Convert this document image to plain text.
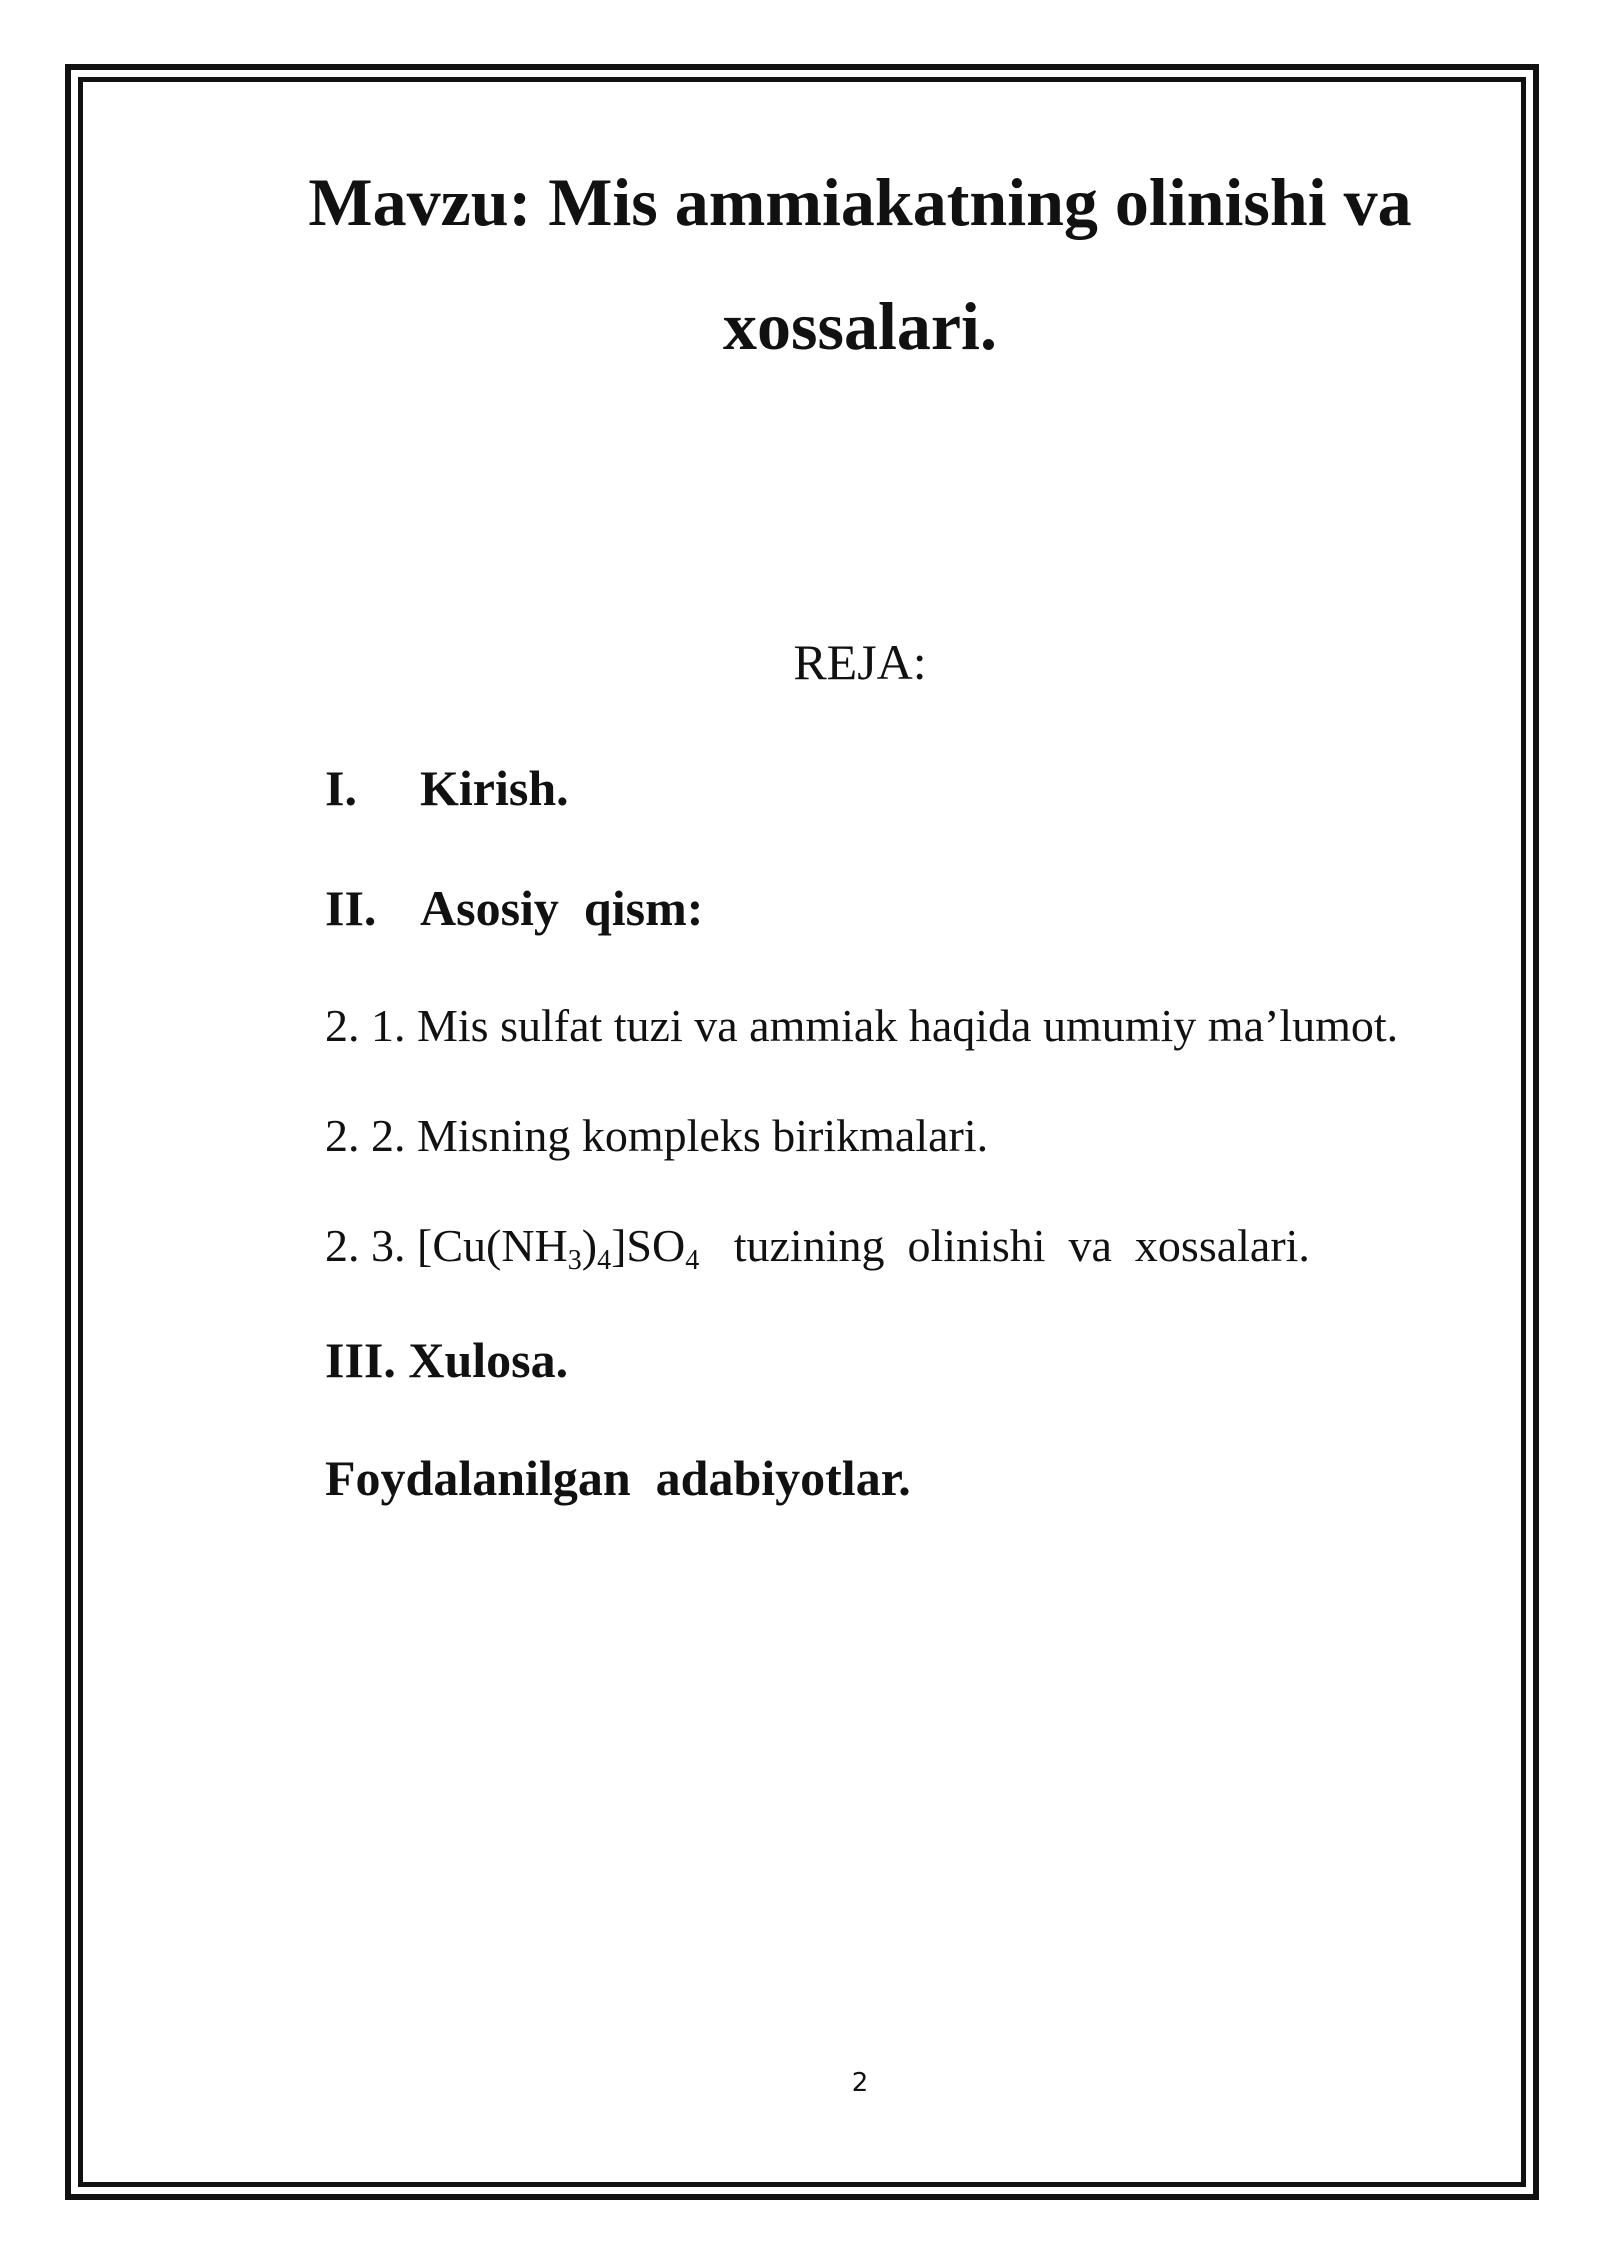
Mavzu: Mis ammiakatning olinishi va xossalari.
REJA:
I. Kirish.
II. Asosiy  qism:
2. 1. Mis sulfat tuzi va ammiak haqida umumiy ma’lumot.
2. 2. Misning kompleks birikmalari.
2. 3. [Cu(NH3)4]SO4   tuzining  olinishi  va  xossalari.
III. Xulosa.
Foydalanilgan  adabiyotlar.
2
